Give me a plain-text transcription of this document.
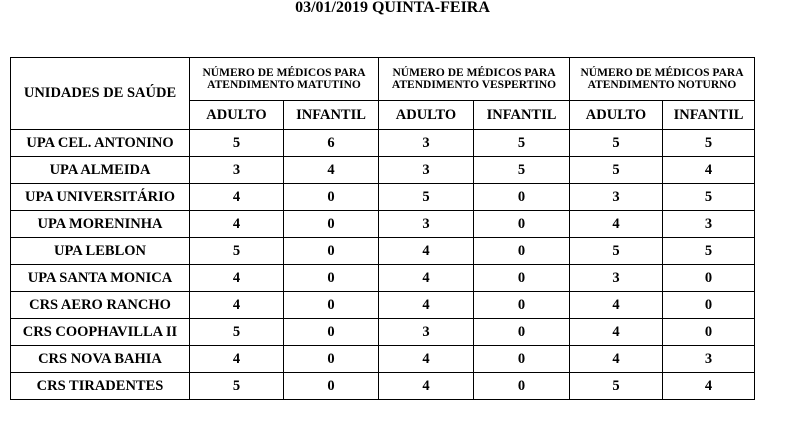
03/01/2019 QUINTA-FEIRA
UNIDADES DE SAÚDE	NÚMERO DE MÉDICOS PARA ATENDIMENTO MATUTINO		NÚMERO DE MÉDICOS PARA ATENDIMENTO VESPERTINO		NÚMERO DE MÉDICOS PARA ATENDIMENTO NOTURNO	
	ADULTO	INFANTIL	ADULTO	INFANTIL	ADULTO	INFANTIL
UPA CEL. ANTONINO	5	6	3	5	5	5
UPA ALMEIDA	3	4	3	5	5	4
UPA UNIVERSITÁRIO	4	0	5	0	3	5
UPA MORENINHA	4	0	3	0	4	3
UPA LEBLON	5	0	4	0	5	5
UPA SANTA MONICA	4	0	4	0	3	0
CRS AERO RANCHO	4	0	4	0	4	0
CRS COOPHAVILLA II	5	0	3	0	4	0
CRS NOVA BAHIA	4	0	4	0	4	3
CRS TIRADENTES	5	0	4	0	5	4
